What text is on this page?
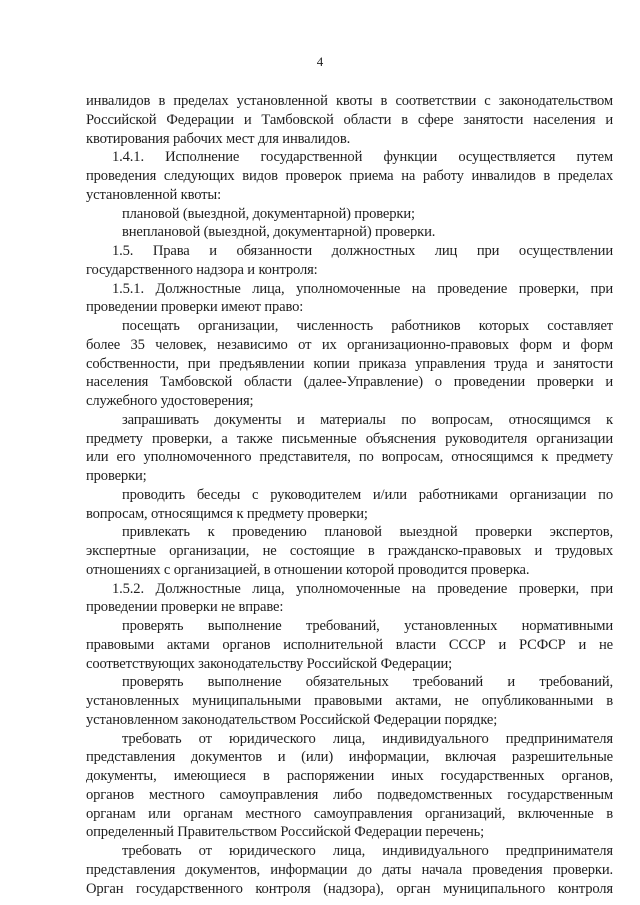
4
инвалидов в пределах установленной квоты в соответствии с законодательством
Российской Федерации и Тамбовской области в сфере занятости населения и
квотирования рабочих мест для инвалидов.
1.4.1. Исполнение государственной функции осуществляется путем
проведения следующих видов проверок приема на работу инвалидов в пределах
установленной квоты:
плановой (выездной, документарной) проверки;
внеплановой (выездной, документарной) проверки.
1.5. Права и обязанности должностных лиц при осуществлении
государственного надзора и контроля:
1.5.1. Должностные лица, уполномоченные на проведение проверки, при
проведении проверки имеют право:
посещать организации, численность работников которых составляет
более 35 человек, независимо от их организационно-правовых форм и форм
собственности, при предъявлении копии приказа управления труда и занятости
населения Тамбовской области (далее-Управление) о проведении проверки и
служебного удостоверения;
запрашивать документы и материалы по вопросам, относящимся к
предмету проверки, а также письменные объяснения руководителя организации
или его уполномоченного представителя, по вопросам, относящимся к предмету
проверки;
проводить беседы с руководителем и/или работниками организации по
вопросам, относящимся к предмету проверки;
привлекать к проведению плановой выездной проверки экспертов,
экспертные организации, не состоящие в гражданско-правовых и трудовых
отношениях с организацией, в отношении которой проводится проверка.
1.5.2. Должностные лица, уполномоченные на проведение проверки, при
проведении проверки не вправе:
проверять выполнение требований, установленных нормативными
правовыми актами органов исполнительной власти СССР и РСФСР и не
соответствующих законодательству Российской Федерации;
проверять выполнение обязательных требований и требований,
установленных муниципальными правовыми актами, не опубликованными в
установленном законодательством Российской Федерации порядке;
требовать от юридического лица, индивидуального предпринимателя
представления документов и (или) информации, включая разрешительные
документы, имеющиеся в распоряжении иных государственных органов,
органов местного самоуправления либо подведомственных государственным
органам или органам местного самоуправления организаций, включенные в
определенный Правительством Российской Федерации перечень;
требовать от юридического лица, индивидуального предпринимателя
представления документов, информации до даты начала проведения проверки.
Орган государственного контроля (надзора), орган муниципального контроля
